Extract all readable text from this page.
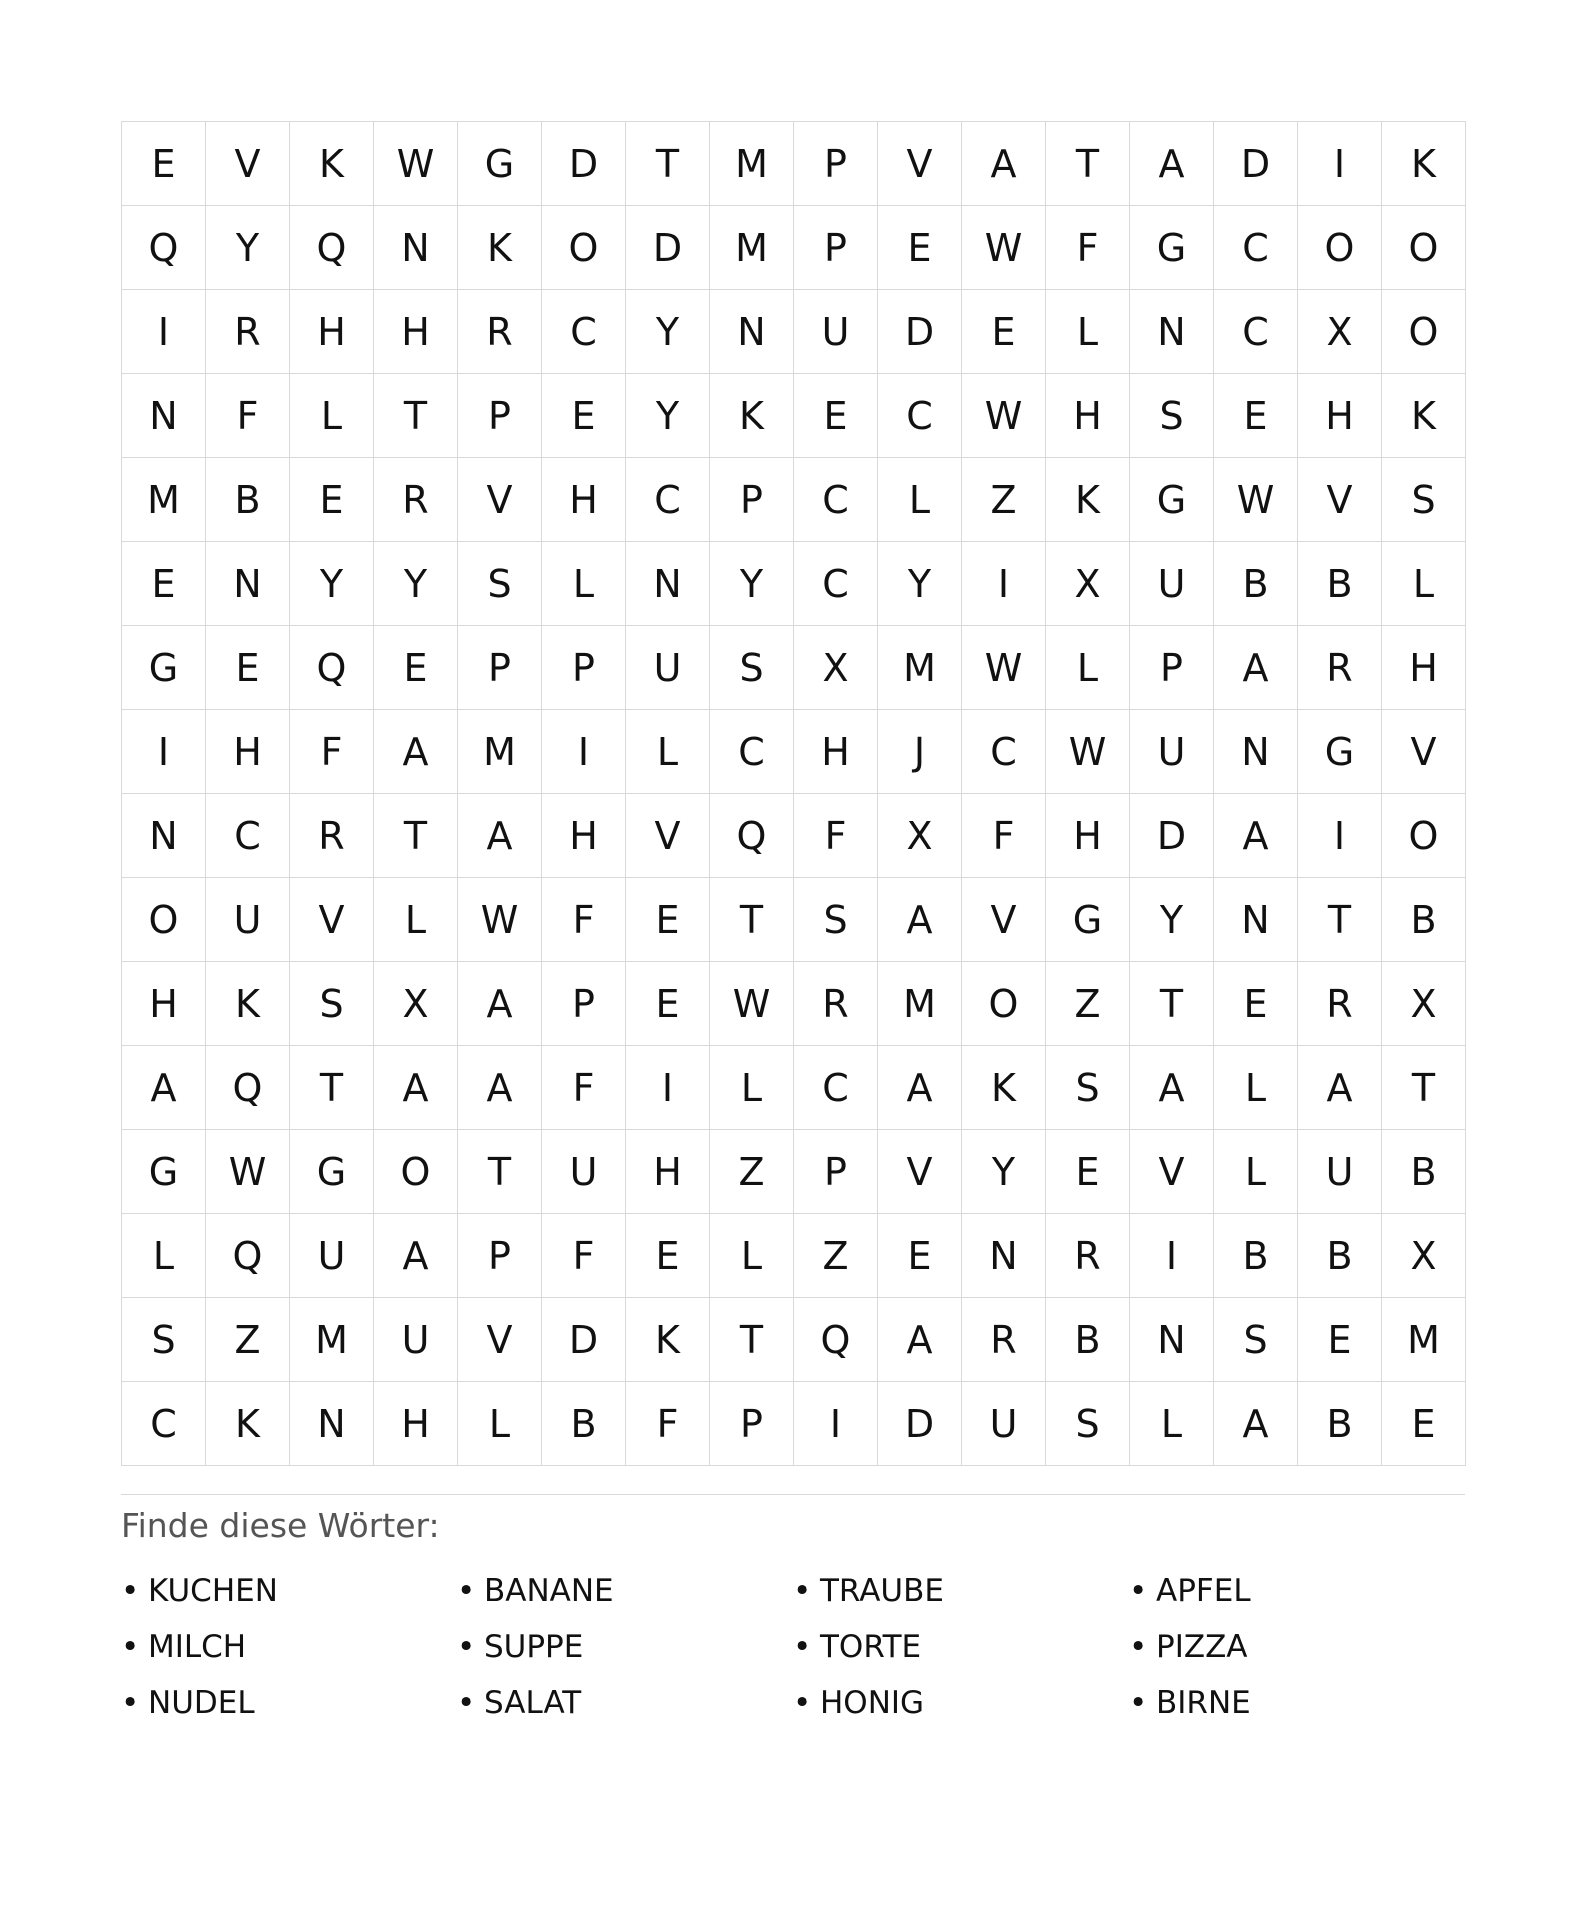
E	V	K	W	G	D	T	M	P	V	A	T	A	D	I	K
Q	Y	Q	N	K	O	D	M	P	E	W	F	G	C	O	O
I	R	H	H	R	C	Y	N	U	D	E	L	N	C	X	O
N	F	L	T	P	E	Y	K	E	C	W	H	S	E	H	K
M	B	E	R	V	H	C	P	C	L	Z	K	G	W	V	S
E	N	Y	Y	S	L	N	Y	C	Y	I	X	U	B	B	L
G	E	Q	E	P	P	U	S	X	M	W	L	P	A	R	H
I	H	F	A	M	I	L	C	H	J	C	W	U	N	G	V
N	C	R	T	A	H	V	Q	F	X	F	H	D	A	I	O
O	U	V	L	W	F	E	T	S	A	V	G	Y	N	T	B
H	K	S	X	A	P	E	W	R	M	O	Z	T	E	R	X
A	Q	T	A	A	F	I	L	C	A	K	S	A	L	A	T
G	W	G	O	T	U	H	Z	P	V	Y	E	V	L	U	B
L	Q	U	A	P	F	E	L	Z	E	N	R	I	B	B	X
S	Z	M	U	V	D	K	T	Q	A	R	B	N	S	E	M
C	K	N	H	L	B	F	P	I	D	U	S	L	A	B	E
Finde diese Wörter:
• KUCHEN	• BANANE	• TRAUBE	• APFEL
• MILCH	• SUPPE	• TORTE	• PIZZA
• NUDEL	• SALAT	• HONIG	• BIRNE
